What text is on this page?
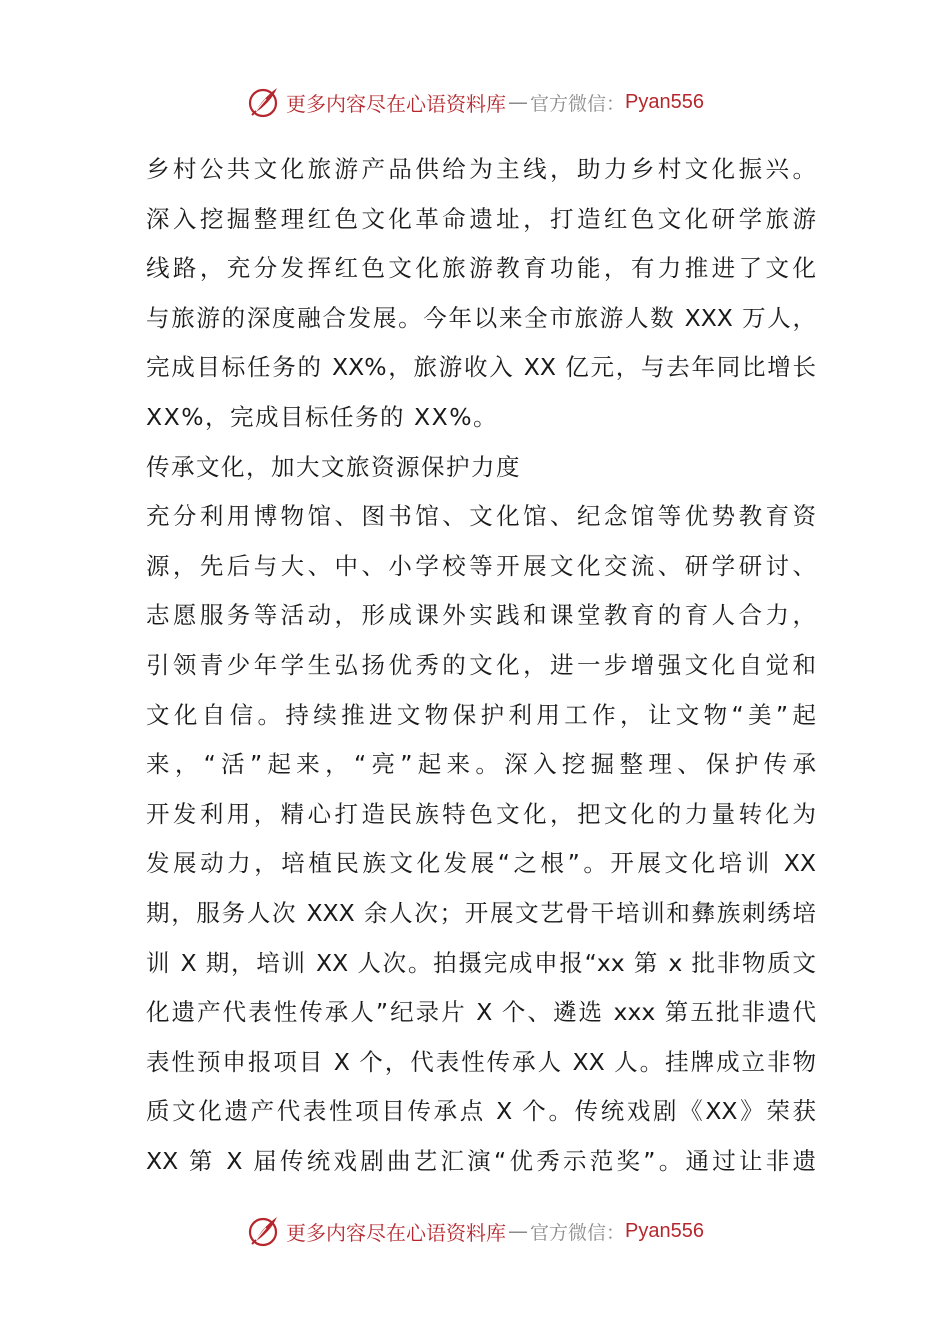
更多内容尽在心语资料库 — 官方微信： Pyan556
乡村公共文化旅游产品供给为主线，助力乡村文化振兴。
深入挖掘整理红色文化革命遗址，打造红色文化研学旅游
线路，充分发挥红色文化旅游教育功能，有力推进了文化
与旅游的深度融合发展。今年以来全市旅游人数 XXX 万人，
完成目标任务的 XX%，旅游收入 XX 亿元，与去年同比增长
XX%，完成目标任务的 XX%。
传承文化，加大文旅资源保护力度
充分利用博物馆、图书馆、文化馆、纪念馆等优势教育资
源，先后与大、中、小学校等开展文化交流、研学研讨、
志愿服务等活动，形成课外实践和课堂教育的育人合力，
引领青少年学生弘扬优秀的文化，进一步增强文化自觉和
文化自信。持续推进文物保护利用工作，让文物“美”起
来，“活”起来，“亮”起来。深入挖掘整理、保护传承
开发利用，精心打造民族特色文化，把文化的力量转化为
发展动力，培植民族文化发展“之根”。开展文化培训 XX
期，服务人次 XXX 余人次；开展文艺骨干培训和彝族刺绣培
训 X 期，培训 XX 人次。拍摄完成申报“xx 第 x 批非物质文
化遗产代表性传承人”纪录片 X 个、遴选 xxx 第五批非遗代
表性预申报项目 X 个，代表性传承人 XX 人。挂牌成立非物
质文化遗产代表性项目传承点 X 个。传统戏剧《XX》荣获
XX 第 X 届传统戏剧曲艺汇演“优秀示范奖”。通过让非遗
更多内容尽在心语资料库 — 官方微信： Pyan556
